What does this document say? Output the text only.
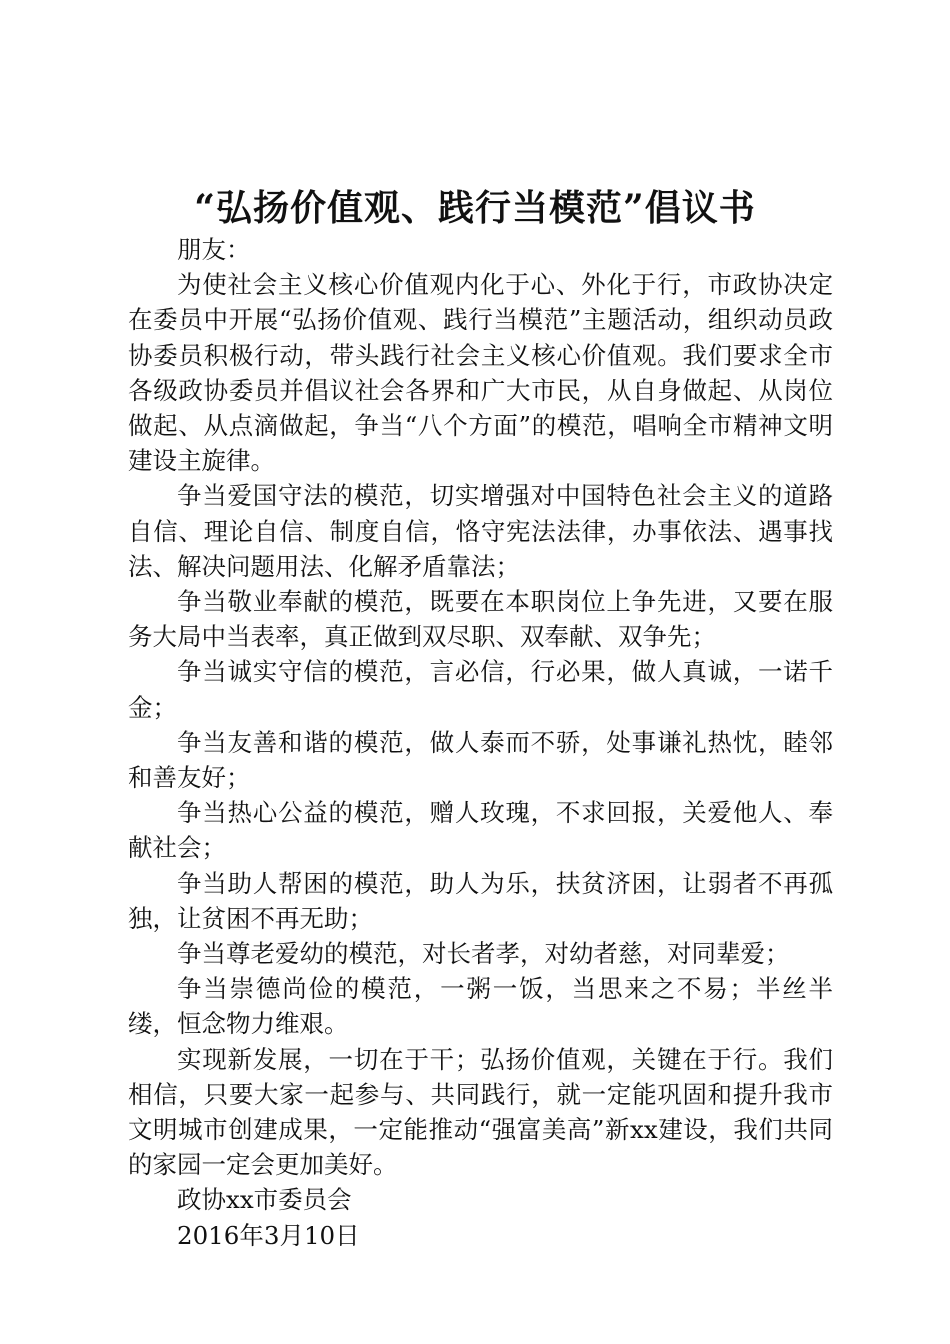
“弘扬价值观、践行当模范”倡议书

朋友：

为使社会主义核心价值观内化于心、外化于行，市政协决定在委员中开展“弘扬价值观、践行当模范”主题活动，组织动员政协委员积极行动，带头践行社会主义核心价值观。我们要求全市各级政协委员并倡议社会各界和广大市民，从自身做起、从岗位做起、从点滴做起，争当“八个方面”的模范，唱响全市精神文明建设主旋律。

争当爱国守法的模范，切实增强对中国特色社会主义的道路自信、理论自信、制度自信，恪守宪法法律，办事依法、遇事找法、解决问题用法、化解矛盾靠法；

争当敬业奉献的模范，既要在本职岗位上争先进，又要在服务大局中当表率，真正做到双尽职、双奉献、双争先；

争当诚实守信的模范，言必信，行必果，做人真诚，一诺千金；

争当友善和谐的模范，做人泰而不骄，处事谦礼热忱，睦邻和善友好；

争当热心公益的模范，赠人玫瑰，不求回报，关爱他人、奉献社会；

争当助人帮困的模范，助人为乐，扶贫济困，让弱者不再孤独，让贫困不再无助；

争当尊老爱幼的模范，对长者孝，对幼者慈，对同辈爱；

争当崇德尚俭的模范，一粥一饭，当思来之不易；半丝半缕，恒念物力维艰。

实现新发展，一切在于干；弘扬价值观，关键在于行。我们相信，只要大家一起参与、共同践行，就一定能巩固和提升我市文明城市创建成果，一定能推动“强富美高”新xx建设，我们共同的家园一定会更加美好。

政协xx市委员会

2016年3月10日
